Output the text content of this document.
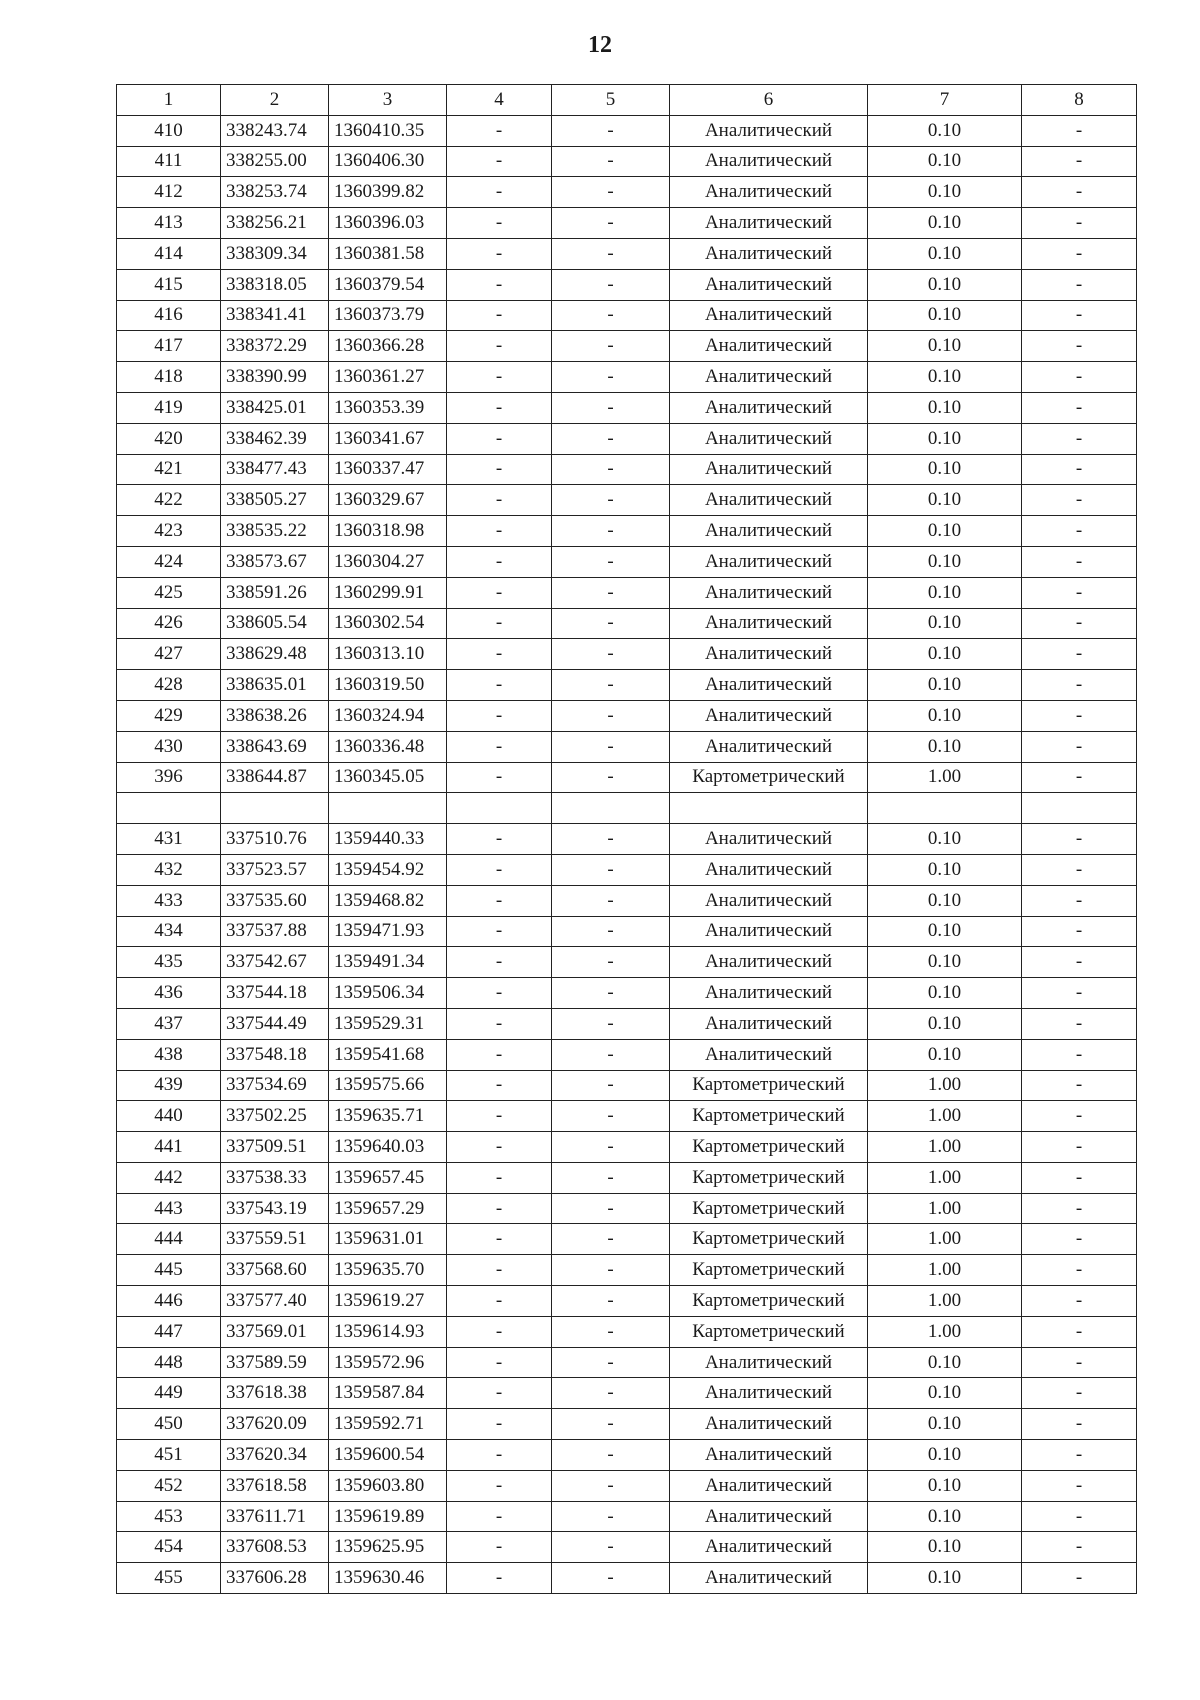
12
1	2	3	4	5	6	7	8
410	338243.74	1360410.35	-	-	Аналитический	0.10	-
411	338255.00	1360406.30	-	-	Аналитический	0.10	-
412	338253.74	1360399.82	-	-	Аналитический	0.10	-
413	338256.21	1360396.03	-	-	Аналитический	0.10	-
414	338309.34	1360381.58	-	-	Аналитический	0.10	-
415	338318.05	1360379.54	-	-	Аналитический	0.10	-
416	338341.41	1360373.79	-	-	Аналитический	0.10	-
417	338372.29	1360366.28	-	-	Аналитический	0.10	-
418	338390.99	1360361.27	-	-	Аналитический	0.10	-
419	338425.01	1360353.39	-	-	Аналитический	0.10	-
420	338462.39	1360341.67	-	-	Аналитический	0.10	-
421	338477.43	1360337.47	-	-	Аналитический	0.10	-
422	338505.27	1360329.67	-	-	Аналитический	0.10	-
423	338535.22	1360318.98	-	-	Аналитический	0.10	-
424	338573.67	1360304.27	-	-	Аналитический	0.10	-
425	338591.26	1360299.91	-	-	Аналитический	0.10	-
426	338605.54	1360302.54	-	-	Аналитический	0.10	-
427	338629.48	1360313.10	-	-	Аналитический	0.10	-
428	338635.01	1360319.50	-	-	Аналитический	0.10	-
429	338638.26	1360324.94	-	-	Аналитический	0.10	-
430	338643.69	1360336.48	-	-	Аналитический	0.10	-
396	338644.87	1360345.05	-	-	Картометрический	1.00	-

431	337510.76	1359440.33	-	-	Аналитический	0.10	-
432	337523.57	1359454.92	-	-	Аналитический	0.10	-
433	337535.60	1359468.82	-	-	Аналитический	0.10	-
434	337537.88	1359471.93	-	-	Аналитический	0.10	-
435	337542.67	1359491.34	-	-	Аналитический	0.10	-
436	337544.18	1359506.34	-	-	Аналитический	0.10	-
437	337544.49	1359529.31	-	-	Аналитический	0.10	-
438	337548.18	1359541.68	-	-	Аналитический	0.10	-
439	337534.69	1359575.66	-	-	Картометрический	1.00	-
440	337502.25	1359635.71	-	-	Картометрический	1.00	-
441	337509.51	1359640.03	-	-	Картометрический	1.00	-
442	337538.33	1359657.45	-	-	Картометрический	1.00	-
443	337543.19	1359657.29	-	-	Картометрический	1.00	-
444	337559.51	1359631.01	-	-	Картометрический	1.00	-
445	337568.60	1359635.70	-	-	Картометрический	1.00	-
446	337577.40	1359619.27	-	-	Картометрический	1.00	-
447	337569.01	1359614.93	-	-	Картометрический	1.00	-
448	337589.59	1359572.96	-	-	Аналитический	0.10	-
449	337618.38	1359587.84	-	-	Аналитический	0.10	-
450	337620.09	1359592.71	-	-	Аналитический	0.10	-
451	337620.34	1359600.54	-	-	Аналитический	0.10	-
452	337618.58	1359603.80	-	-	Аналитический	0.10	-
453	337611.71	1359619.89	-	-	Аналитический	0.10	-
454	337608.53	1359625.95	-	-	Аналитический	0.10	-
455	337606.28	1359630.46	-	-	Аналитический	0.10	-
